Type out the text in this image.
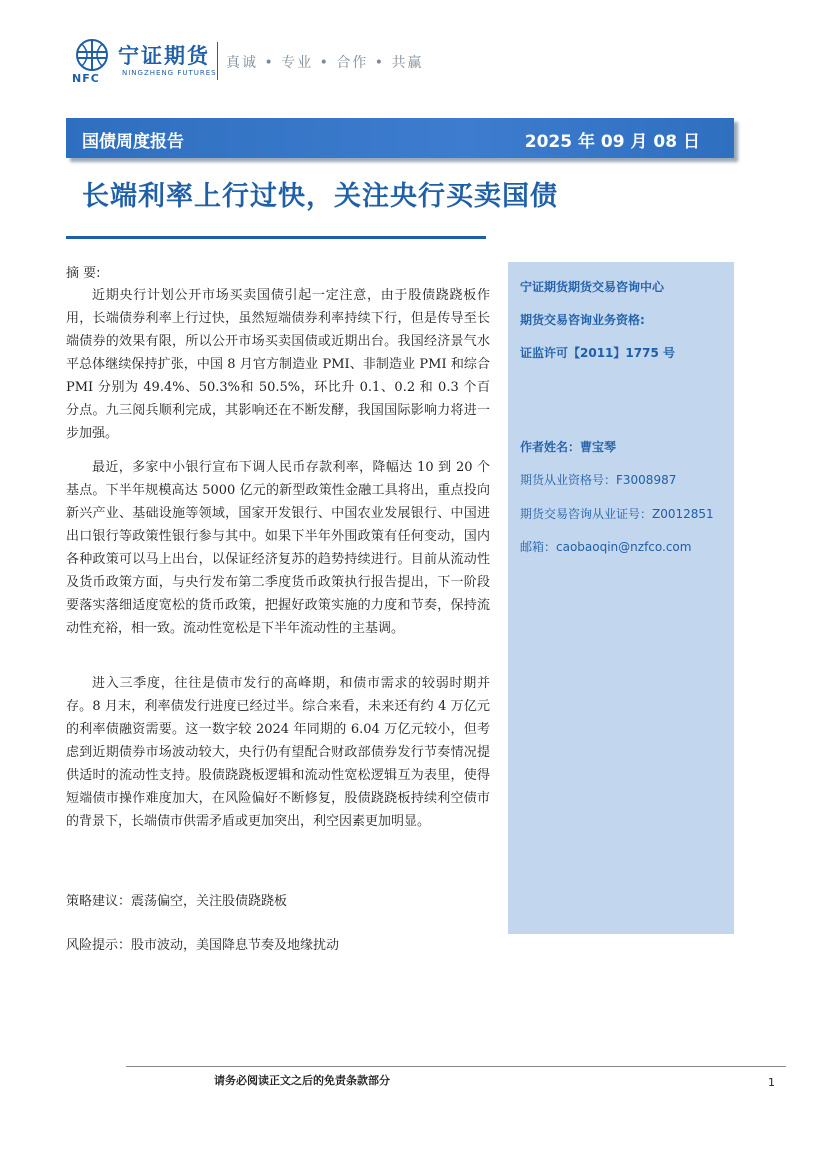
NFC
宁证期货
NINGZHENG FUTURES
真诚 • 专业 • 合作 • 共赢
国债周度报告	2025 年 09 月 08 日
长端利率上行过快，关注央行买卖国债
摘 要:

近期央行计划公开市场买卖国债引起一定注意，由于股债跷跷板作用，长端债券利率上行过快，虽然短端债券利率持续下行，但是传导至长端债券的效果有限，所以公开市场买卖国债或近期出台。我国经济景气水平总体继续保持扩张，中国 8 月官方制造业 PMI、非制造业 PMI 和综合 PMI 分别为 49.4%、50.3%和 50.5%，环比升 0.1、0.2 和 0.3 个百分点。九三阅兵顺利完成，其影响还在不断发酵，我国国际影响力将进一步加强。

最近，多家中小银行宣布下调人民币存款利率，降幅达 10 到 20 个基点。下半年规模高达 5000 亿元的新型政策性金融工具将出，重点投向新兴产业、基础设施等领域，国家开发银行、中国农业发展银行、中国进出口银行等政策性银行参与其中。如果下半年外围政策有任何变动，国内各种政策可以马上出台，以保证经济复苏的趋势持续进行。目前从流动性及货币政策方面，与央行发布第二季度货币政策执行报告提出，下一阶段要落实落细适度宽松的货币政策，把握好政策实施的力度和节奏，保持流动性充裕，相一致。流动性宽松是下半年流动性的主基调。

进入三季度，往往是债市发行的高峰期，和债市需求的较弱时期并存。8 月末，利率债发行进度已经过半。综合来看，未来还有约 4 万亿元的利率债融资需要。这一数字较 2024 年同期的 6.04 万亿元较小，但考虑到近期债券市场波动较大，央行仍有望配合财政部债券发行节奏情况提供适时的流动性支持。股债跷跷板逻辑和流动性宽松逻辑互为表里，使得短端债市操作难度加大，在风险偏好不断修复，股债跷跷板持续利空债市的背景下，长端债市供需矛盾或更加突出，利空因素更加明显。

策略建议：震荡偏空，关注股债跷跷板
风险提示：股市波动，美国降息节奏及地缘扰动
宁证期货期货交易咨询中心
期货交易咨询业务资格:
证监许可【2011】1775 号
作者姓名：曹宝琴
期货从业资格号：F3008987
期货交易咨询从业证号：Z0012851
邮箱：caobaoqin@nzfco.com
请务必阅读正文之后的免责条款部分	1
